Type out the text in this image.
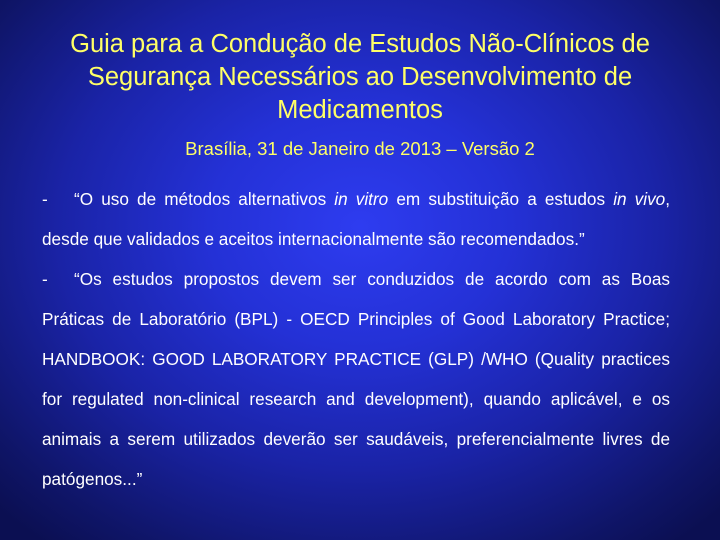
Guia para a Condução de Estudos Não-Clínicos de
Segurança Necessários ao Desenvolvimento de
Medicamentos

Brasília, 31 de Janeiro de 2013 – Versão 2

- “O uso de métodos alternativos in vitro em substituição a estudos in vivo, desde que validados e aceitos internacionalmente são recomendados.”

- “Os estudos propostos devem ser conduzidos de acordo com as Boas Práticas de Laboratório (BPL) - OECD Principles of Good Laboratory Practice; HANDBOOK: GOOD LABORATORY PRACTICE (GLP) /WHO (Quality practices for regulated non-clinical research and development), quando aplicável, e os animais a serem utilizados deverão ser saudáveis, preferencialmente livres de patógenos...”
